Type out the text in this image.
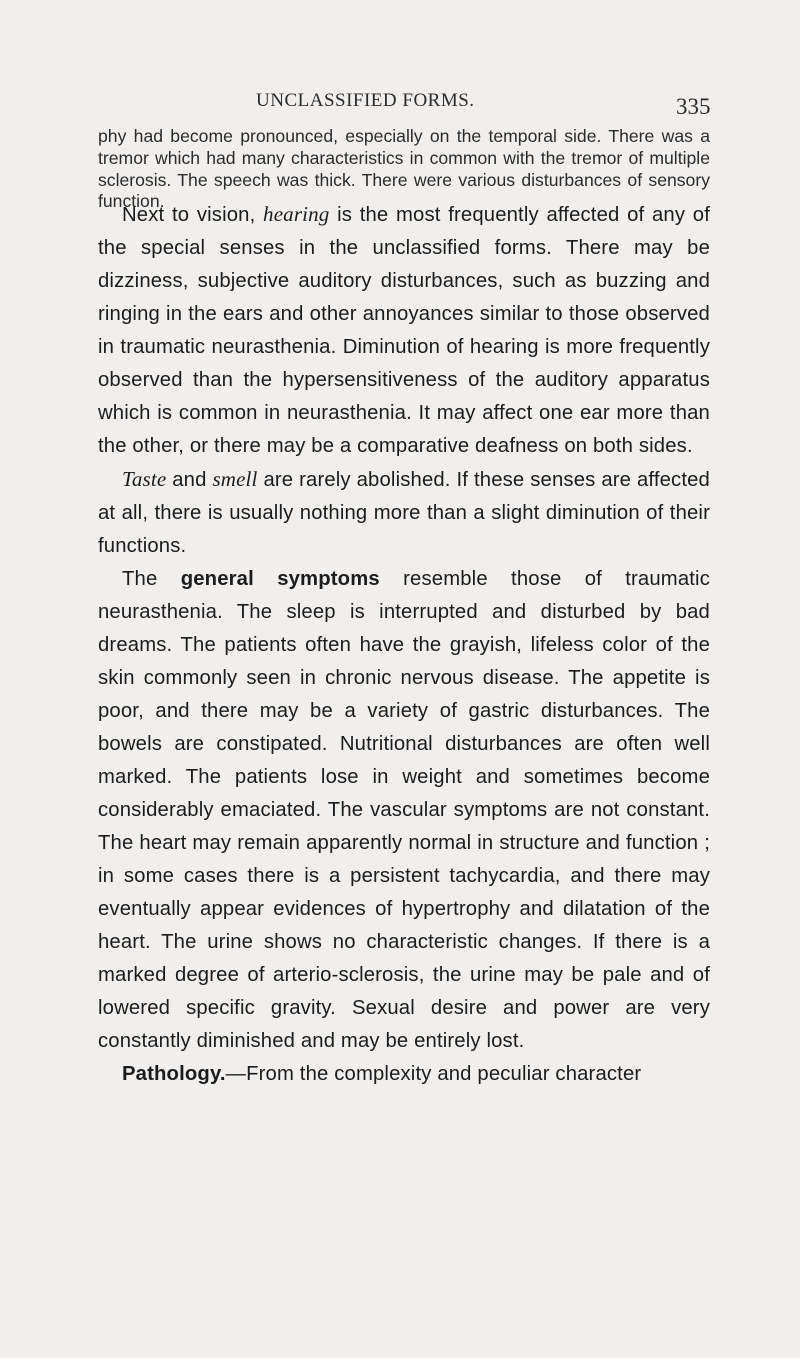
UNCLASSIFIED FORMS.	335

phy had become pronounced, especially on the temporal side. There was a tremor which had many characteristics in common with the tremor of multiple sclerosis. The speech was thick. There were various disturbances of sensory function.

Next to vision, hearing is the most frequently affected of any of the special senses in the unclassified forms. There may be dizziness, subjective auditory disturbances, such as buzzing and ringing in the ears and other annoyances similar to those observed in traumatic neurasthenia. Diminution of hearing is more frequently observed than the hypersensitiveness of the auditory apparatus which is common in neurasthenia. It may affect one ear more than the other, or there may be a comparative deafness on both sides.

Taste and smell are rarely abolished. If these senses are affected at all, there is usually nothing more than a slight diminution of their functions.

The general symptoms resemble those of traumatic neurasthenia. The sleep is interrupted and disturbed by bad dreams. The patients often have the grayish, lifeless color of the skin commonly seen in chronic nervous disease. The appetite is poor, and there may be a variety of gastric disturbances. The bowels are constipated. Nutritional disturbances are often well marked. The patients lose in weight and sometimes become considerably emaciated. The vascular symptoms are not constant. The heart may remain apparently normal in structure and function ; in some cases there is a persistent tachycardia, and there may eventually appear evidences of hypertrophy and dilatation of the heart. The urine shows no characteristic changes. If there is a marked degree of arterio-sclerosis, the urine may be pale and of lowered specific gravity. Sexual desire and power are very constantly diminished and may be entirely lost.

Pathology.—From the complexity and peculiar character
